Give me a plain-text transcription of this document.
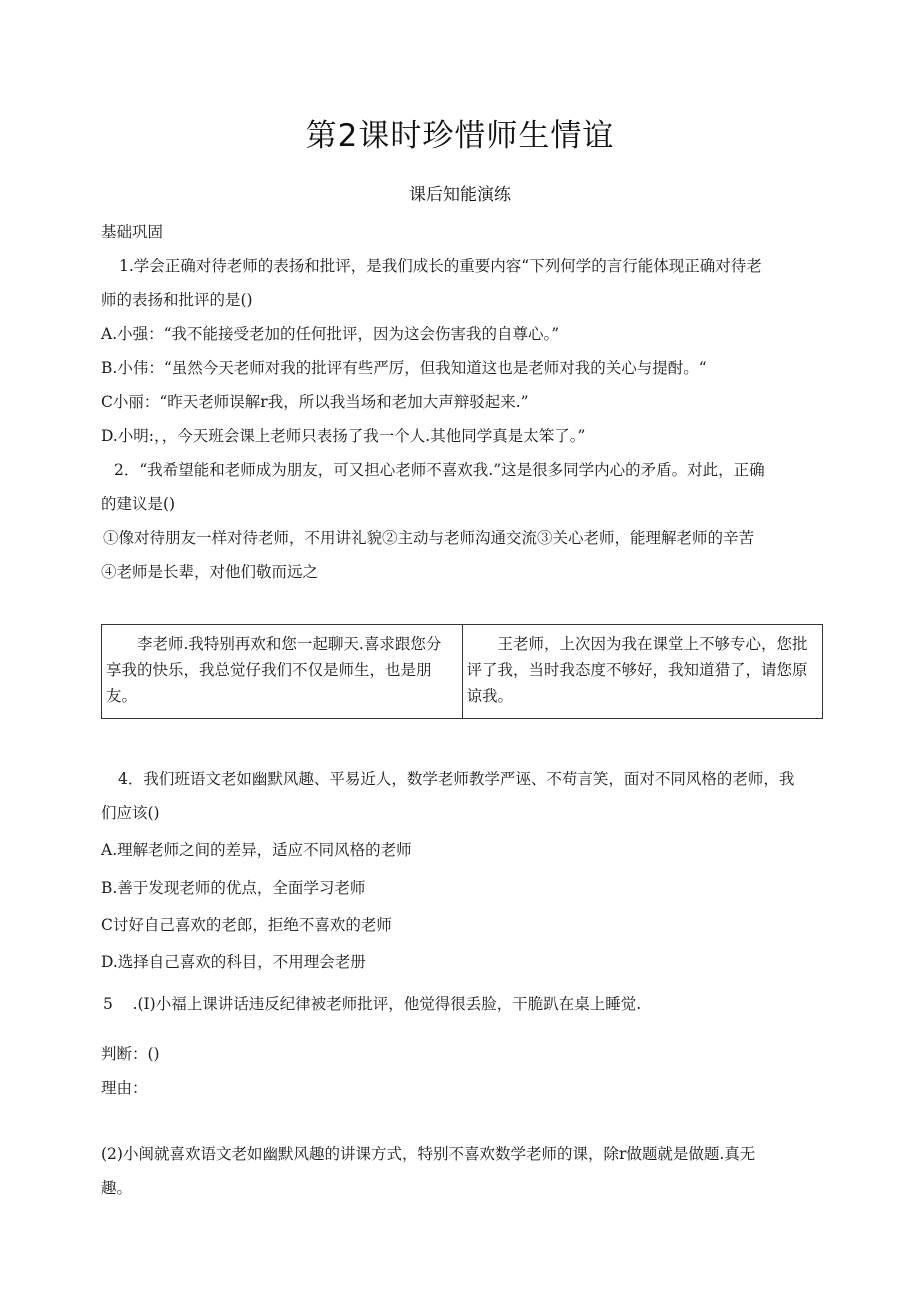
第2课时珍惜师生情谊
课后知能演练
基础巩固
1.学会正确对待老师的表扬和批评，是我们成长的重要内容“下列何学的言行能体现正确对待老
师的表扬和批评的是()
A.小强：“我不能接受老加的任何批评，因为这会伤害我的自尊心。”
B.小伟：“虽然今天老师对我的批评有些严厉，但我知道这也是老师对我的关心与提酎。“
C小丽：“昨天老师误解r我，所以我当场和老加大声辩驳起来.”
D.小明:，，今天班会课上老师只表扬了我一个人.其他同学真是太笨了。”
2．“我希望能和老师成为朋友，可又担心老师不喜欢我.”这是很多同学内心的矛盾。对此，正确
的建议是()
①像对待朋友一样对待老师，不用讲礼貌②主动与老师沟通交流③关心老师，能理解老师的辛苦
④老师是长辈，对他们敬而远之
李老师.我特别再欢和您一起聊天.喜求跟您分享我的快乐，我总觉仔我们不仅是师生，也是朋友。	王老师，上次因为我在课堂上不够专心，您批评了我，当时我态度不够好，我知道猎了，请您原谅我。
4．我们班语文老如幽默风趣、平易近人，数学老师教学严诬、不苟言笑，面对不同风格的老师，我
们应该()
A.理解老师之间的差异，适应不同风格的老师
B.善于发现老师的优点，全面学习老师
C讨好自己喜欢的老郎，拒绝不喜欢的老师
D.选择自己喜欢的科目，不用理会老册
5    .(I)小福上课讲话违反纪律被老师批评，他觉得很丢脸，干脆趴在桌上睡觉.
判断：()
理由：
(2)小闽就喜欢语文老如幽默风趣的讲课方式，特别不喜欢数学老师的课，除r做题就是做题.真无
趣。
